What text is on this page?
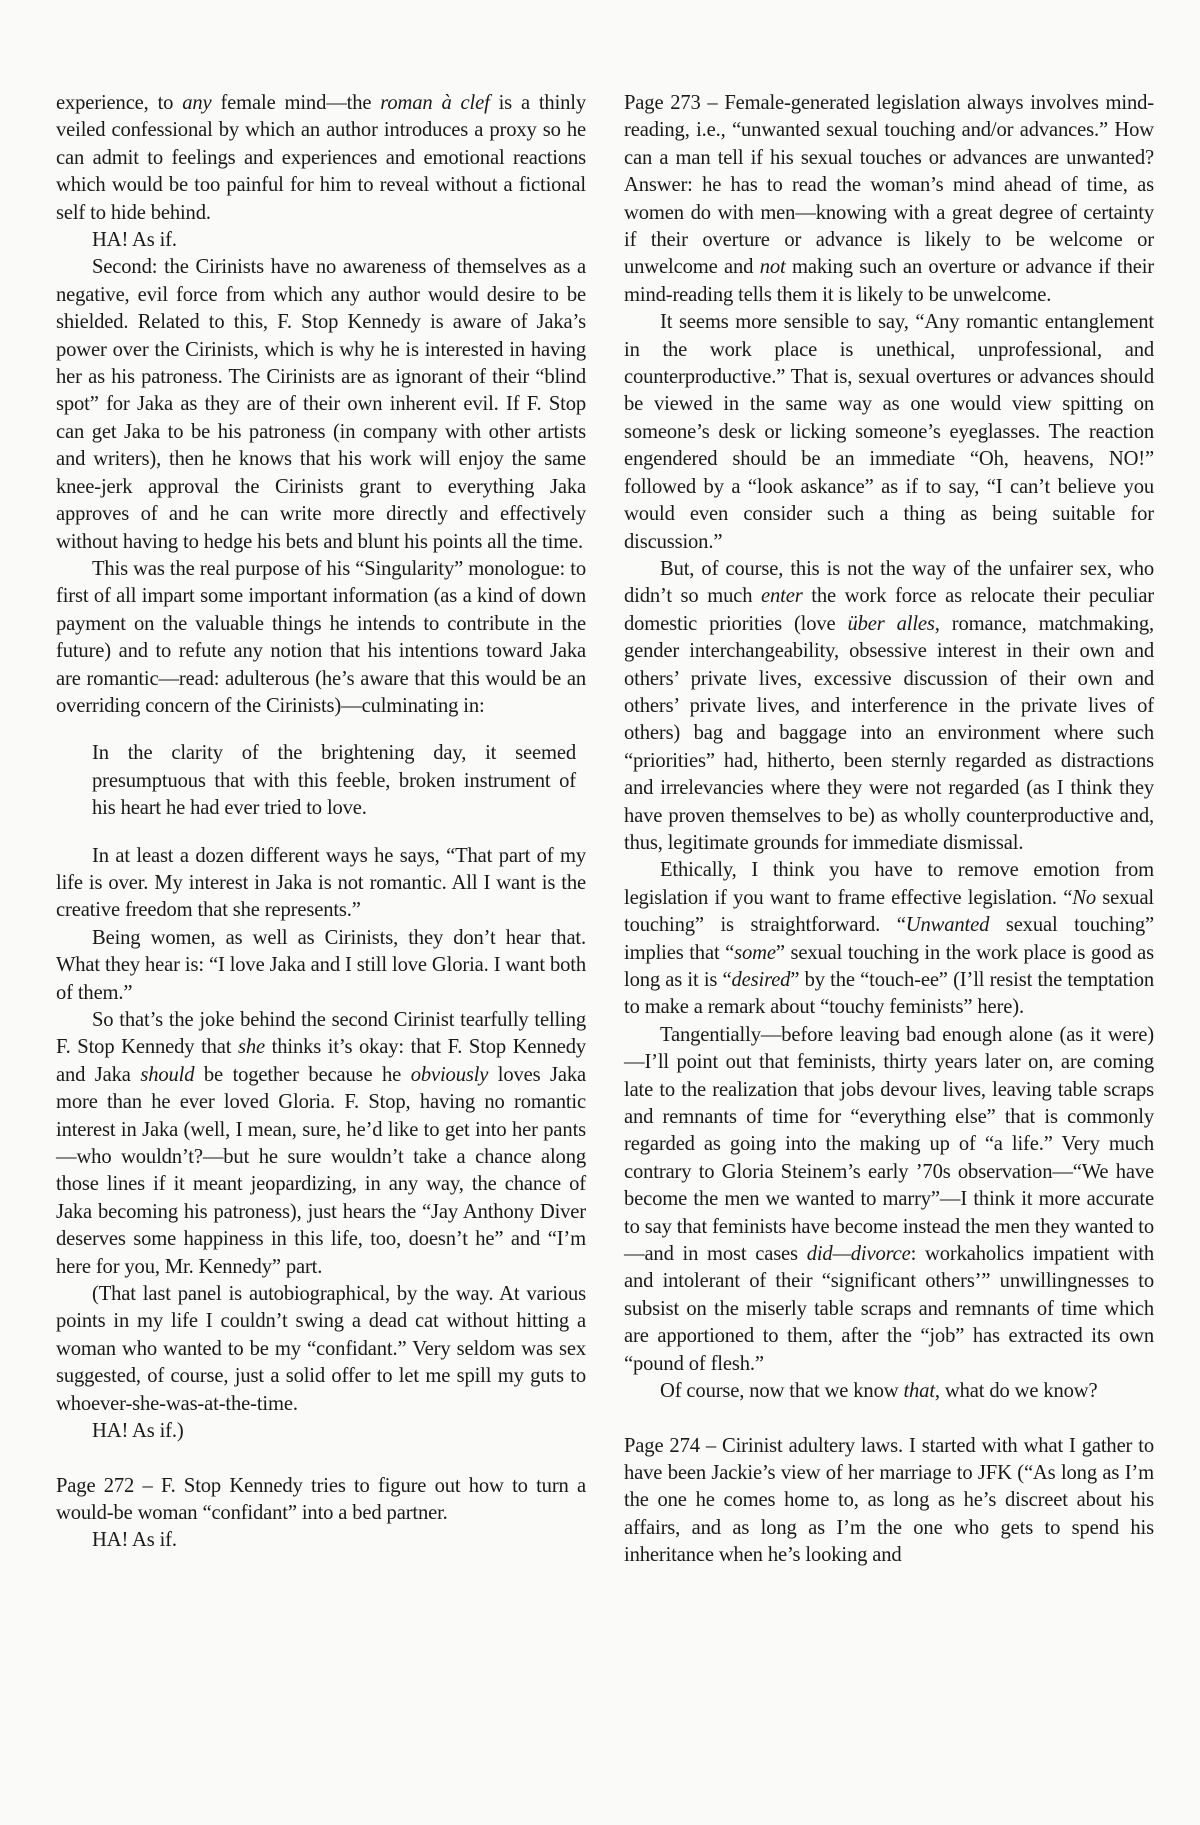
experience, to any female mind—the roman à clef is a thinly veiled confessional by which an author introduces a proxy so he can admit to feelings and experiences and emotional reactions which would be too painful for him to reveal without a fictional self to hide behind.

HA! As if.

Second: the Cirinists have no awareness of themselves as a negative, evil force from which any author would desire to be shielded. Related to this, F. Stop Kennedy is aware of Jaka’s power over the Cirinists, which is why he is interested in having her as his patroness. The Cirinists are as ignorant of their “blind spot” for Jaka as they are of their own inherent evil. If F. Stop can get Jaka to be his patroness (in company with other artists and writers), then he knows that his work will enjoy the same knee-jerk approval the Cirinists grant to everything Jaka approves of and he can write more directly and effectively without having to hedge his bets and blunt his points all the time.

This was the real purpose of his “Singularity” monologue: to first of all impart some important information (as a kind of down payment on the valuable things he intends to contribute in the future) and to refute any notion that his intentions toward Jaka are romantic—read: adulterous (he’s aware that this would be an overriding concern of the Cirinists)—culminating in:

In the clarity of the brightening day, it seemed presumptuous that with this feeble, broken instrument of his heart he had ever tried to love.

In at least a dozen different ways he says, “That part of my life is over. My interest in Jaka is not romantic. All I want is the creative freedom that she represents.”

Being women, as well as Cirinists, they don’t hear that. What they hear is: “I love Jaka and I still love Gloria. I want both of them.”

So that’s the joke behind the second Cirinist tearfully telling F. Stop Kennedy that she thinks it’s okay: that F. Stop Kennedy and Jaka should be together because he obviously loves Jaka more than he ever loved Gloria. F. Stop, having no romantic interest in Jaka (well, I mean, sure, he’d like to get into her pants—who wouldn’t?—but he sure wouldn’t take a chance along those lines if it meant jeopardizing, in any way, the chance of Jaka becoming his patroness), just hears the “Jay Anthony Diver deserves some happiness in this life, too, doesn’t he” and “I’m here for you, Mr. Kennedy” part.

(That last panel is autobiographical, by the way. At various points in my life I couldn’t swing a dead cat without hitting a woman who wanted to be my “confidant.” Very seldom was sex suggested, of course, just a solid offer to let me spill my guts to whoever-she-was-at-the-time.

HA! As if.)

Page 272 – F. Stop Kennedy tries to figure out how to turn a would-be woman “confidant” into a bed partner.

HA! As if.

Page 273 – Female-generated legislation always involves mind-reading, i.e., “unwanted sexual touching and/or advances.” How can a man tell if his sexual touches or advances are unwanted? Answer: he has to read the woman’s mind ahead of time, as women do with men—knowing with a great degree of certainty if their overture or advance is likely to be welcome or unwelcome and not making such an overture or advance if their mind-reading tells them it is likely to be unwelcome.

It seems more sensible to say, “Any romantic entanglement in the work place is unethical, unprofessional, and counterproductive.” That is, sexual overtures or advances should be viewed in the same way as one would view spitting on someone’s desk or licking someone’s eyeglasses. The reaction engendered should be an immediate “Oh, heavens, NO!” followed by a “look askance” as if to say, “I can’t believe you would even consider such a thing as being suitable for discussion.”

But, of course, this is not the way of the unfairer sex, who didn’t so much enter the work force as relocate their peculiar domestic priorities (love über alles, romance, matchmaking, gender interchangeability, obsessive interest in their own and others’ private lives, excessive discussion of their own and others’ private lives, and interference in the private lives of others) bag and baggage into an environment where such “priorities” had, hitherto, been sternly regarded as distractions and irrelevancies where they were not regarded (as I think they have proven themselves to be) as wholly counterproductive and, thus, legitimate grounds for immediate dismissal.

Ethically, I think you have to remove emotion from legislation if you want to frame effective legislation. “No sexual touching” is straightforward. “Unwanted sexual touching” implies that “some” sexual touching in the work place is good as long as it is “desired” by the “touch-ee” (I’ll resist the temptation to make a remark about “touchy feminists” here).

Tangentially—before leaving bad enough alone (as it were)—I’ll point out that feminists, thirty years later on, are coming late to the realization that jobs devour lives, leaving table scraps and remnants of time for “everything else” that is commonly regarded as going into the making up of “a life.” Very much contrary to Gloria Steinem’s early ’70s observation—“We have become the men we wanted to marry”—I think it more accurate to say that feminists have become instead the men they wanted to—and in most cases did—divorce: workaholics impatient with and intolerant of their “significant others’” unwillingnesses to subsist on the miserly table scraps and remnants of time which are apportioned to them, after the “job” has extracted its own “pound of flesh.”

Of course, now that we know that, what do we know?

Page 274 – Cirinist adultery laws. I started with what I gather to have been Jackie’s view of her marriage to JFK (“As long as I’m the one he comes home to, as long as he’s discreet about his affairs, and as long as I’m the one who gets to spend his inheritance when he’s looking and
